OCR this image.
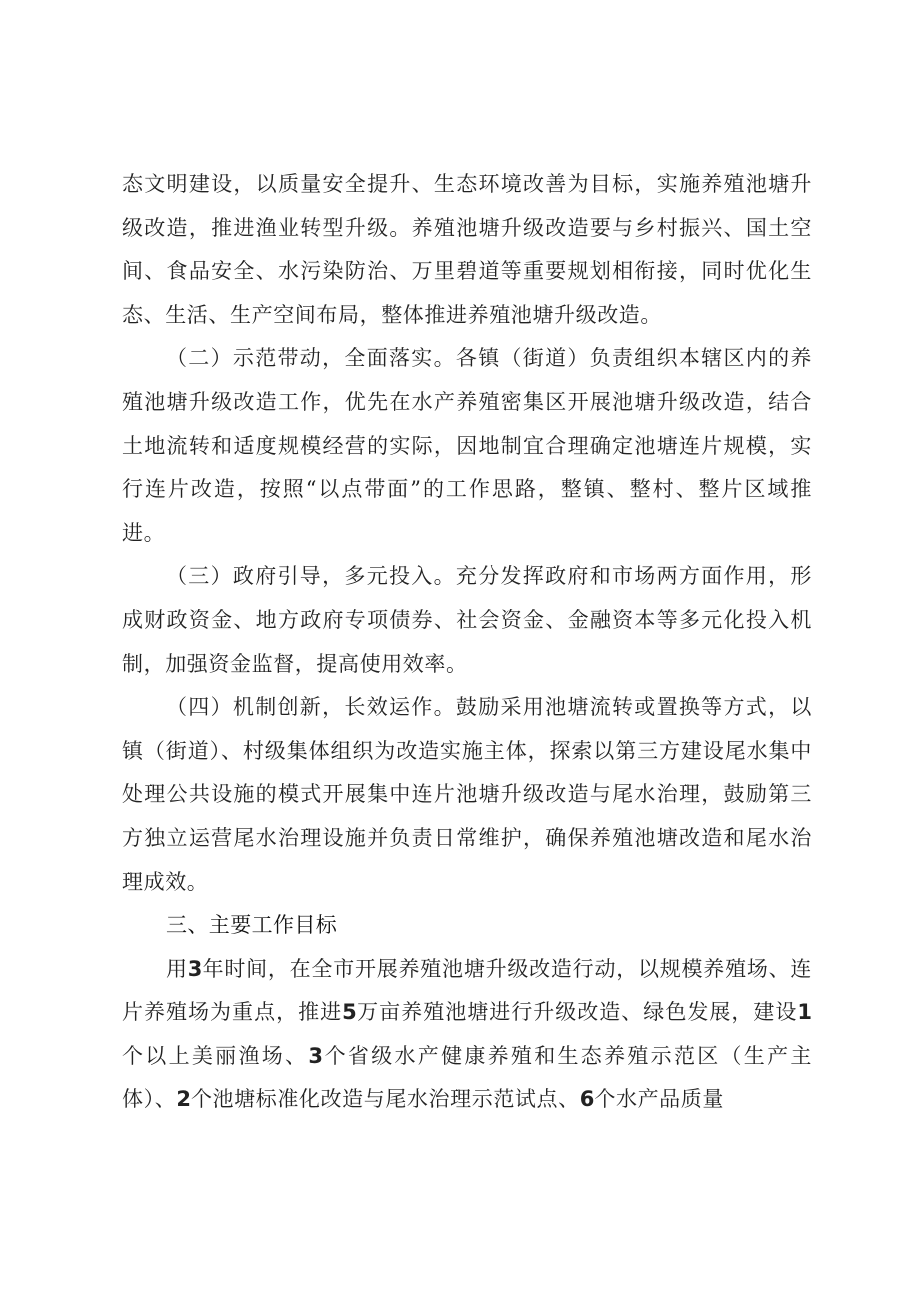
态文明建设，以质量安全提升、生态环境改善为目标，实施养殖池塘升级改造，推进渔业转型升级。养殖池塘升级改造要与乡村振兴、国土空间、食品安全、水污染防治、万里碧道等重要规划相衔接，同时优化生态、生活、生产空间布局，整体推进养殖池塘升级改造。

（二）示范带动，全面落实。各镇（街道）负责组织本辖区内的养殖池塘升级改造工作，优先在水产养殖密集区开展池塘升级改造，结合土地流转和适度规模经营的实际，因地制宜合理确定池塘连片规模，实行连片改造，按照“以点带面”的工作思路，整镇、整村、整片区域推进。

（三）政府引导，多元投入。充分发挥政府和市场两方面作用，形成财政资金、地方政府专项债券、社会资金、金融资本等多元化投入机制，加强资金监督，提高使用效率。

（四）机制创新，长效运作。鼓励采用池塘流转或置换等方式，以镇（街道）、村级集体组织为改造实施主体，探索以第三方建设尾水集中处理公共设施的模式开展集中连片池塘升级改造与尾水治理，鼓励第三方独立运营尾水治理设施并负责日常维护，确保养殖池塘改造和尾水治理成效。

三、主要工作目标

用3年时间，在全市开展养殖池塘升级改造行动，以规模养殖场、连片养殖场为重点，推进5万亩养殖池塘进行升级改造、绿色发展，建设1个以上美丽渔场、3个省级水产健康养殖和生态养殖示范区（生产主体）、2个池塘标准化改造与尾水治理示范试点、6个水产品质量
